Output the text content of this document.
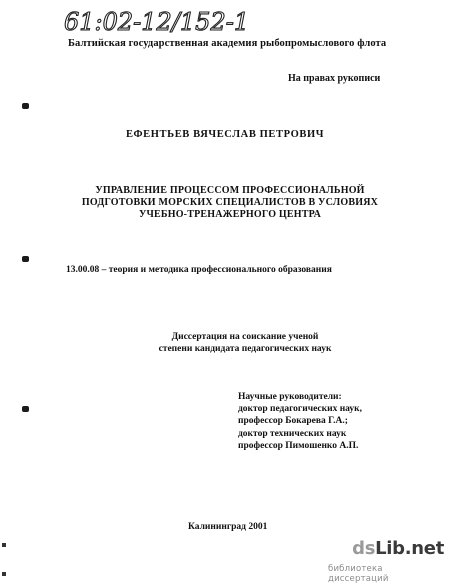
61:02-12/152-1
Балтийская государственная академия рыбопромыслового флота
На правах рукописи
ЕФЕНТЬЕВ ВЯЧЕСЛАВ ПЕТРОВИЧ
УПРАВЛЕНИЕ ПРОЦЕССОМ ПРОФЕССИОНАЛЬНОЙ
ПОДГОТОВКИ МОРСКИХ СПЕЦИАЛИСТОВ В УСЛОВИЯХ
УЧЕБНО-ТРЕНАЖЕРНОГО ЦЕНТРА
13.00.08 – теория и методика профессионального образования
Диссертация на соискание ученой
степени кандидата педагогических наук
Научные руководители:
доктор педагогических наук,
профессор Бокарева Г.А.;
доктор технических наук
профессор Пимошенко А.П.
Калининград 2001
dsLib.net
библиотека диссертаций
